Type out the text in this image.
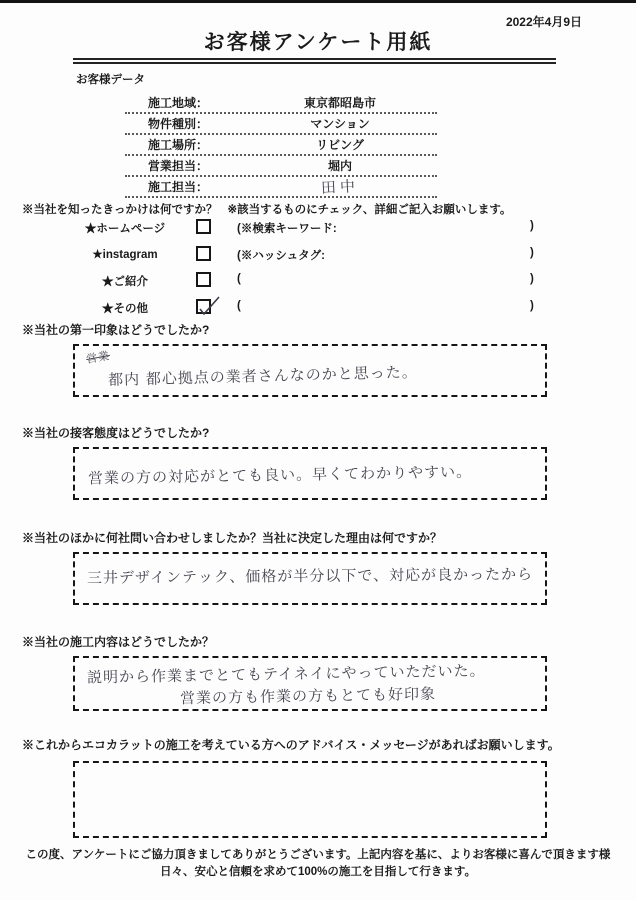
2022年4月9日
お客様アンケート用紙
お客様データ
施工地域：	東京都昭島市
物件種別：	マンション
施工場所：	リビング
営業担当：	堀内
施工担当：	田中
※当社を知ったきっかけは何ですか？ ※該当するものにチェック、詳細ご記入お願いします。
★ホームページ	(※検索キーワード:	)
★instagram	(※ハッシュタグ:	)
★ご紹介	(	)
★その他	(	)
※当社の第一印象はどうでしたか?
営業
都内 都心拠点の業者さんなのかと思った。
※当社の接客態度はどうでしたか?
営業の方の対応がとても良い。早くてわかりやすい。
※当社のほかに何社問い合わせしましたか？当社に決定した理由は何ですか？
三井デザインテック、価格が半分以下で、対応が良かったから
※当社の施工内容はどうでしたか？
説明から作業までとてもテイネイにやっていただいた。
営業の方も作業の方もとても好印象
※これからエコカラットの施工を考えている方へのアドバイス・メッセージがあればお願いします。
この度、アンケートにご協力頂きましてありがとうございます。上記内容を基に、よりお客様に喜んで頂きます様
日々、安心と信頼を求めて100%の施工を目指して行きます。
